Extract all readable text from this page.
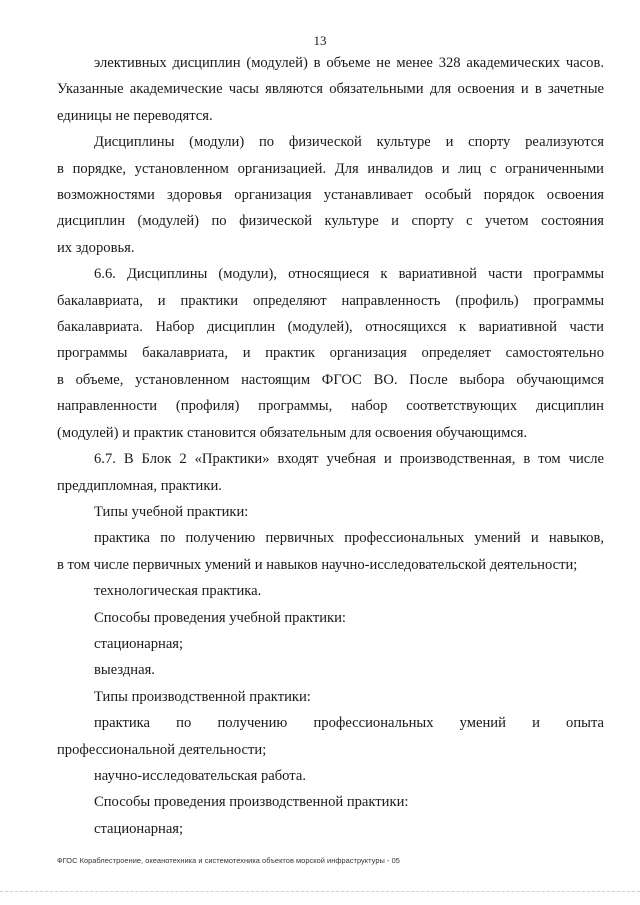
13

элективных дисциплин (модулей) в объеме не менее 328 академических часов.

Указанные академические часы являются обязательными для освоения и в зачетные

единицы не переводятся.

Дисциплины (модули) по физической культуре и спорту реализуются

в порядке, установленном организацией. Для инвалидов и лиц с ограниченными

возможностями здоровья организация устанавливает особый порядок освоения

дисциплин (модулей) по физической культуре и спорту с учетом состояния

их здоровья.

6.6. Дисциплины (модули), относящиеся к вариативной части программы

бакалавриата, и практики определяют направленность (профиль) программы

бакалавриата. Набор дисциплин (модулей), относящихся к вариативной части

программы бакалавриата, и практик организация определяет самостоятельно

в объеме, установленном настоящим ФГОС ВО. После выбора обучающимся

направленности (профиля) программы, набор соответствующих дисциплин

(модулей) и практик становится обязательным для освоения обучающимся.

6.7. В Блок 2 «Практики» входят учебная и производственная, в том числе

преддипломная, практики.

Типы учебной практики:

практика по получению первичных профессиональных умений и навыков,

в том числе первичных умений и навыков научно-исследовательской деятельности;

технологическая практика.

Способы проведения учебной практики:

стационарная;

выездная.

Типы производственной практики:

практика по получению профессиональных умений и опыта

профессиональной деятельности;

научно-исследовательская работа.

Способы проведения производственной практики:

стационарная;

ФГОС Кораблестроение, океанотехника и системотехника объектов морской инфраструктуры - 05
